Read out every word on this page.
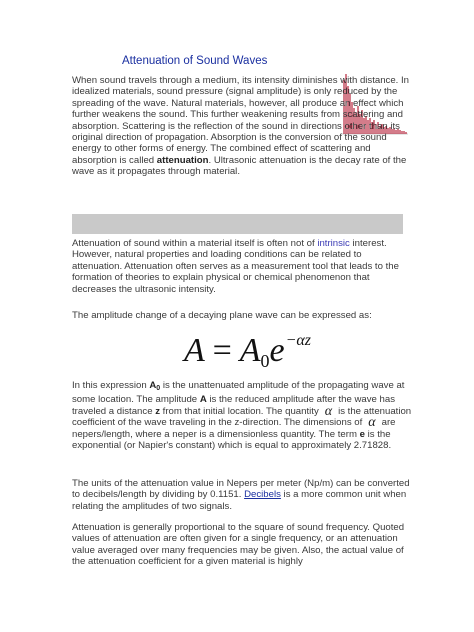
Attenuation of Sound Waves
When sound travels through a medium, its intensity diminishes with distance. In idealized materials, sound pressure (signal amplitude) is only reduced by the spreading of the wave. Natural materials, however, all produce an effect which further weakens the sound. This further weakening results from scattering and absorption. Scattering is the reflection of the sound in directions other than its original direction of propagation. Absorption is the conversion of the sound energy to other forms of energy. The combined effect of scattering and absorption is called attenuation. Ultrasonic attenuation is the decay rate of the wave as it propagates through material.
Attenuation of sound within a material itself is often not of intrinsic interest. However, natural properties and loading conditions can be related to attenuation. Attenuation often serves as a measurement tool that leads to the formation of theories to explain physical or chemical phenomenon that decreases the ultrasonic intensity.
The amplitude change of a decaying plane wave can be expressed as:
$A = A_0e^{-\alpha z}$
In this expression $A_0$ is the unattenuated amplitude of the propagating wave at some location. The amplitude A is the reduced amplitude after the wave has traveled a distance z from that initial location. The quantity α is the attenuation coefficient of the wave traveling in the z-direction. The dimensions of α are nepers/length, where a neper is a dimensionless quantity. The term e is the exponential (or Napier's constant) which is equal to approximately 2.71828.
The units of the attenuation value in Nepers per meter (Np/m) can be converted to decibels/length by dividing by 0.1151. Decibels is a more common unit when relating the amplitudes of two signals.
Attenuation is generally proportional to the square of sound frequency. Quoted values of attenuation are often given for a single frequency, or an attenuation value averaged over many frequencies may be given. Also, the actual value of the attenuation coefficient for a given material is highly
